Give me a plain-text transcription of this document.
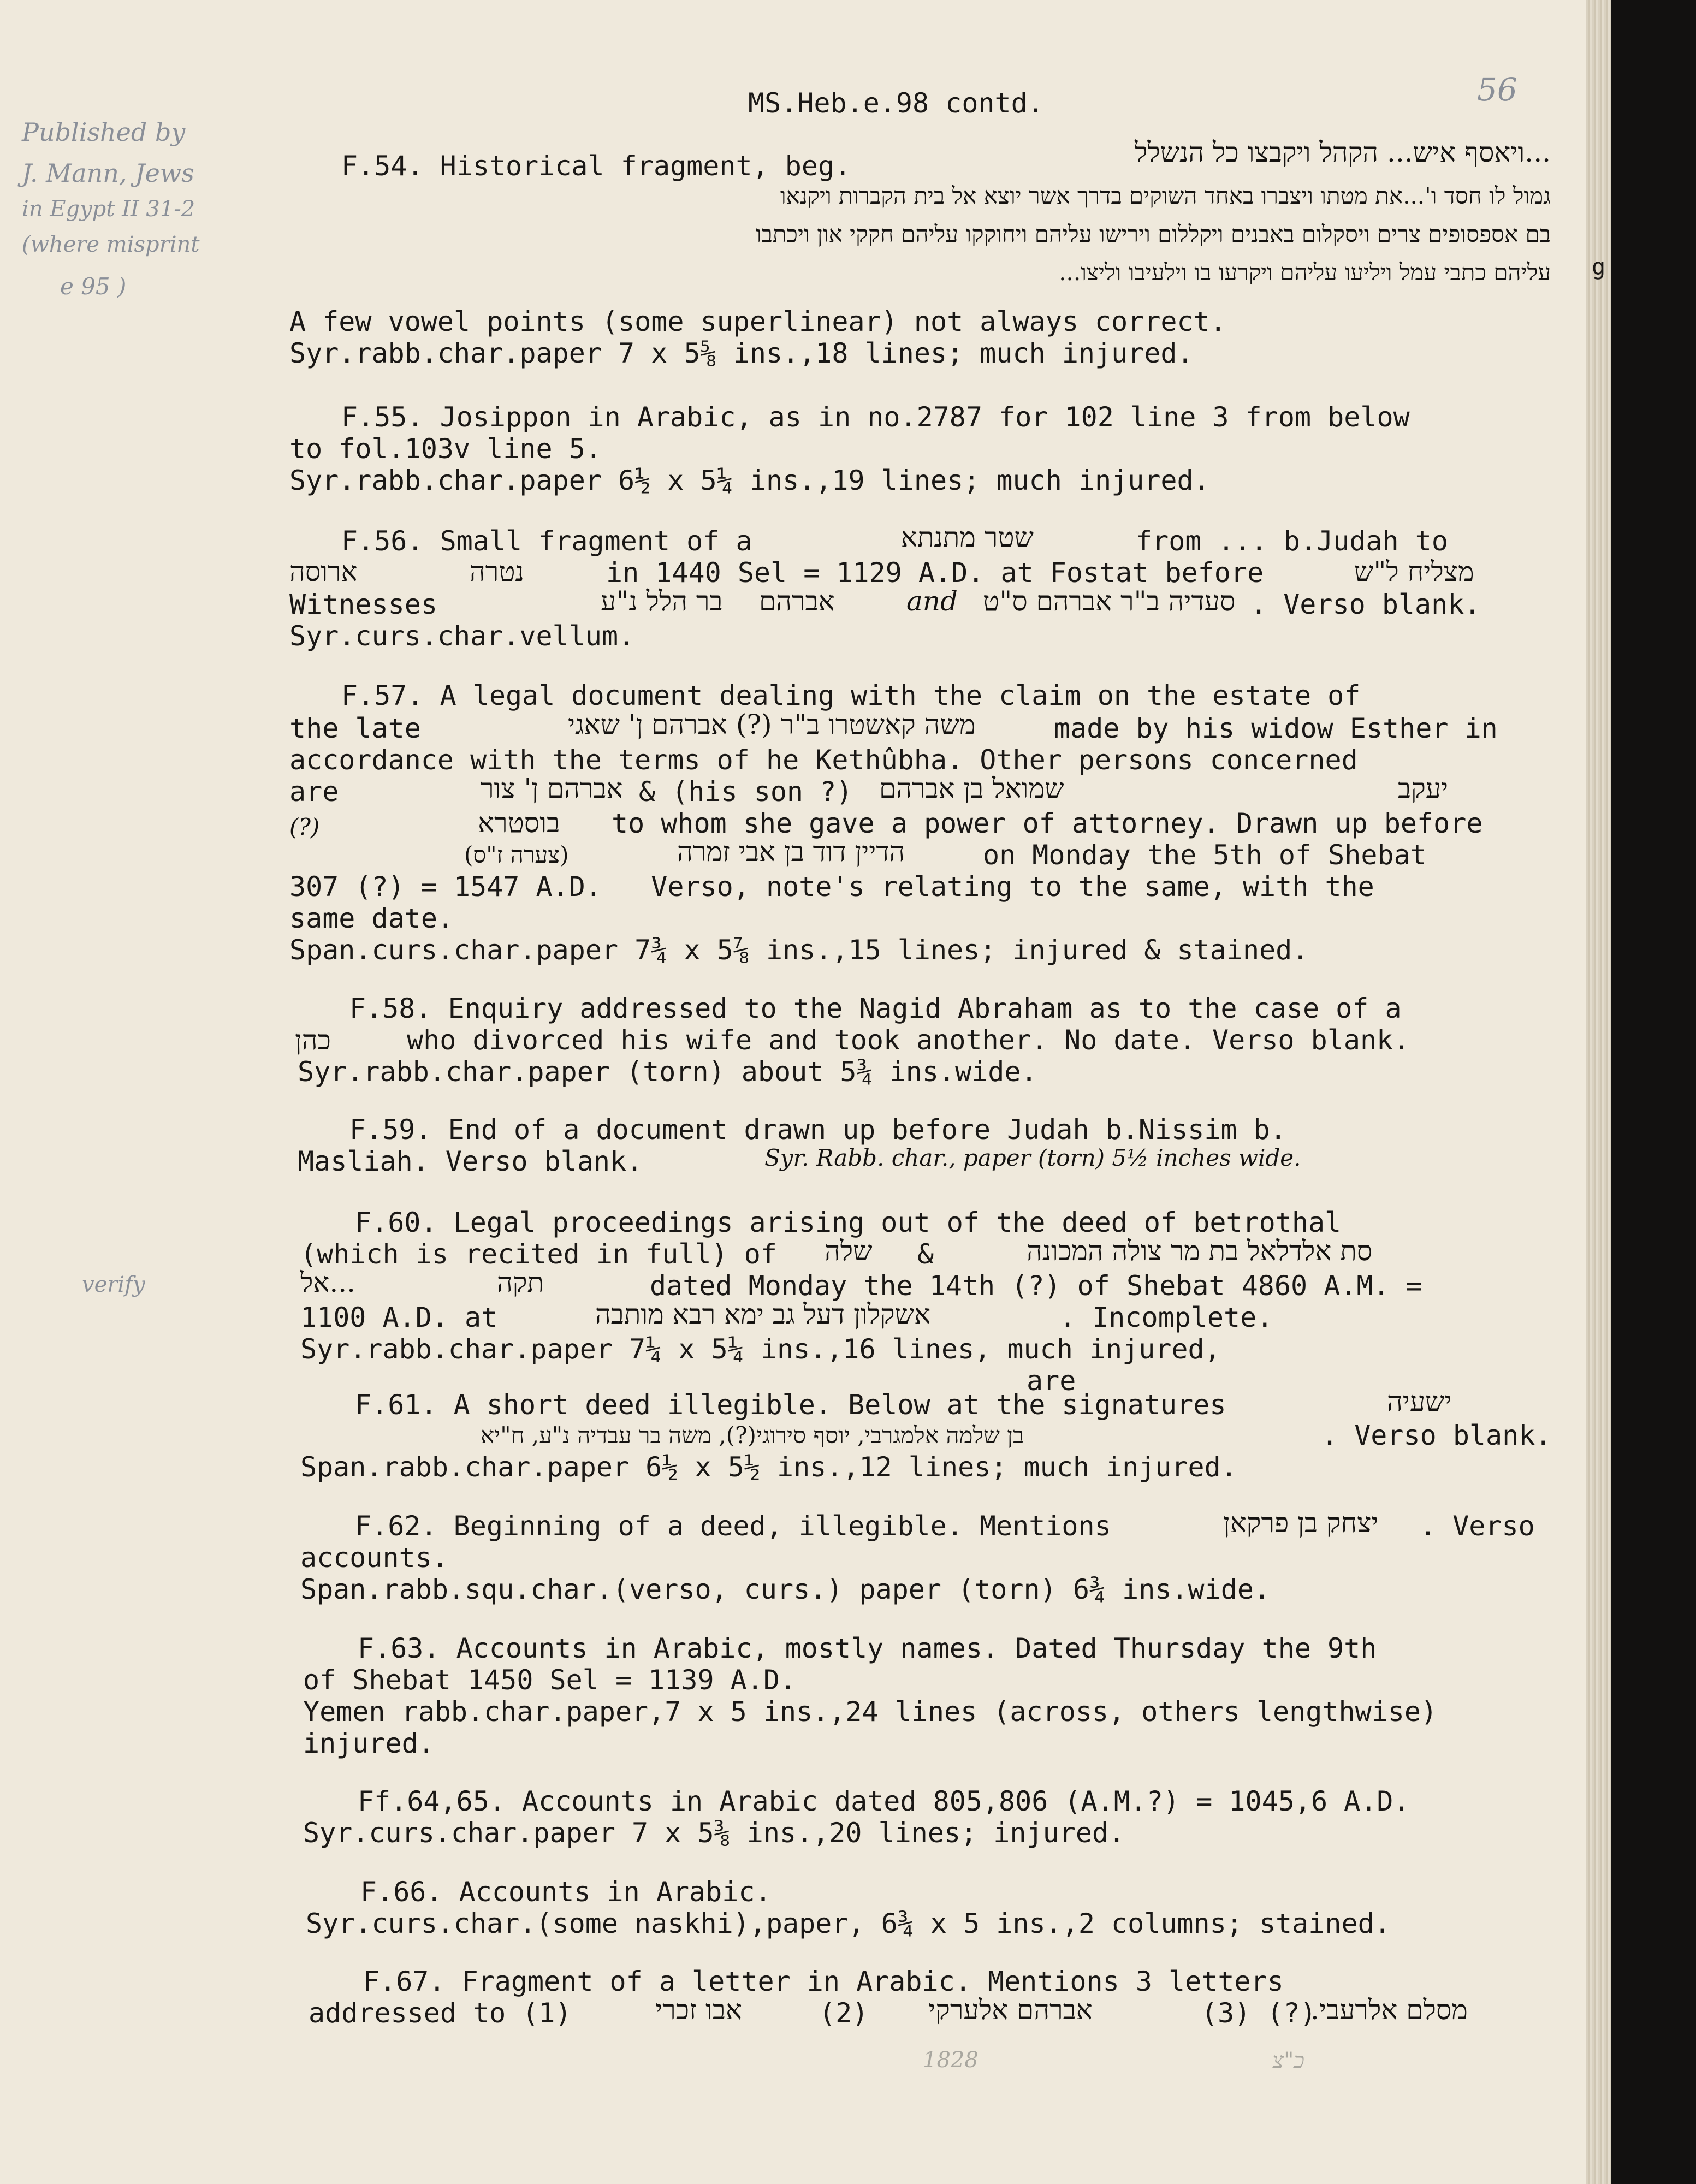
MS.Heb.e.98 contd.	56
Published by
J. Mann, Jews
in Egypt II 31-2
(where misprint
e 95 )
verify
g
F.54. Historical fragment, beg.	...ויאסף איש... הקהל ויקבצו כל הנשלל
גמול לו חסד ו'...את מטתו ויצברו באחד השוקים בדרך אשר יוצא אל בית הקברות ויקנאו
בם אספסופים צרים ויסקלום באבנים ויקללום וירישו עליהם ויחוקקו עליהם חקקי און ויכתבו
עליהם כתבי עמל ויליעו עליהם ויקרעו בו וילעיבו וליצו...
A few vowel points (some superlinear) not always correct.
Syr.rabb.char.paper 7 x 5⅝ ins.,18 lines; much injured.
F.55. Josippon in Arabic, as in no.2787 for 102 line 3 from below
to fol.103v line 5.
Syr.rabb.char.paper 6½ x 5¼ ins.,19 lines; much injured.
F.56. Small fragment of a	שטר מתנתא	from ... b.Judah to
ארוסה	נטרה	in 1440 Sel = 1129 A.D. at Fostat before	מצליח ל"ש
Witnesses	בר הלל נ"ע אברהם	and סעדיה ב"ר אברהם ס"ט . Verso blank.
Syr.curs.char.vellum.
F.57. A legal document dealing with the claim on the estate of
the late	משה קאשטרו ב"ר (?) אברהם ן' שאגי	made by his widow Esther in
accordance with the terms of he Kethûbha. Other persons concerned
are	יעקב
אברהם ן' צור & (his son ?) שמואל בן אברהם
(?)	בוסטרא to whom she gave a power of attorney. Drawn up before
(צערה ז"ס)	הדיין דוד בן אבי זמרה	on Monday the 5th of Shebat
307 (?) = 1547 A.D.   Verso, note's relating to the same, with the
same date.
Span.curs.char.paper 7¾ x 5⅞ ins.,15 lines; injured & stained.
F.58. Enquiry addressed to the Nagid Abraham as to the case of a
כהן	who divorced his wife and took another. No date. Verso blank.
Syr.rabb.char.paper (torn) about 5¾ ins.wide.
F.59. End of a document drawn up before Judah b.Nissim b.
Masliah. Verso blank.	Syr. Rabb. char., paper (torn) 5½ inches wide.
F.60. Legal proceedings arising out of the deed of betrothal
(which is recited in full) of שלה &	סת אלדלאל בת מר צולה המכונה
...אל	תקה	dated Monday the 14th (?) of Shebat 4860 A.M. =
1100 A.D. at	אשקלון דעל גב ימא רבא מותבה	. Incomplete.
Syr.rabb.char.paper 7¼ x 5¼ ins.,16 lines, much injured,
are
F.61. A short deed illegible. Below at the signatures	ישעיה
בן שלמה אלמגרבי, יוסף סירוגי(?), משה בר עבדיה נ"ע, ח"יא	. Verso blank.
Span.rabb.char.paper 6½ x 5½ ins.,12 lines; much injured.
F.62. Beginning of a deed, illegible. Mentions	יצחק בן פרקאן . Verso
accounts.
Span.rabb.squ.char.(verso, curs.) paper (torn) 6¾ ins.wide.
F.63. Accounts in Arabic, mostly names. Dated Thursday the 9th
of Shebat 1450 Sel = 1139 A.D.
Yemen rabb.char.paper,7 x 5 ins.,24 lines (across, others lengthwise)
injured.
Ff.64,65. Accounts in Arabic dated 805,806 (A.M.?) = 1045,6 A.D.
Syr.curs.char.paper 7 x 5⅜ ins.,20 lines; injured.
F.66. Accounts in Arabic.
Syr.curs.char.(some naskhi),paper, 6¾ x 5 ins.,2 columns; stained.
F.67. Fragment of a letter in Arabic. Mentions 3 letters
addressed to (1)	אבו זכרי	(2) אברהם אלערקי	(3) (?)
מסלם אלרעבי.
1828	כ"צ
